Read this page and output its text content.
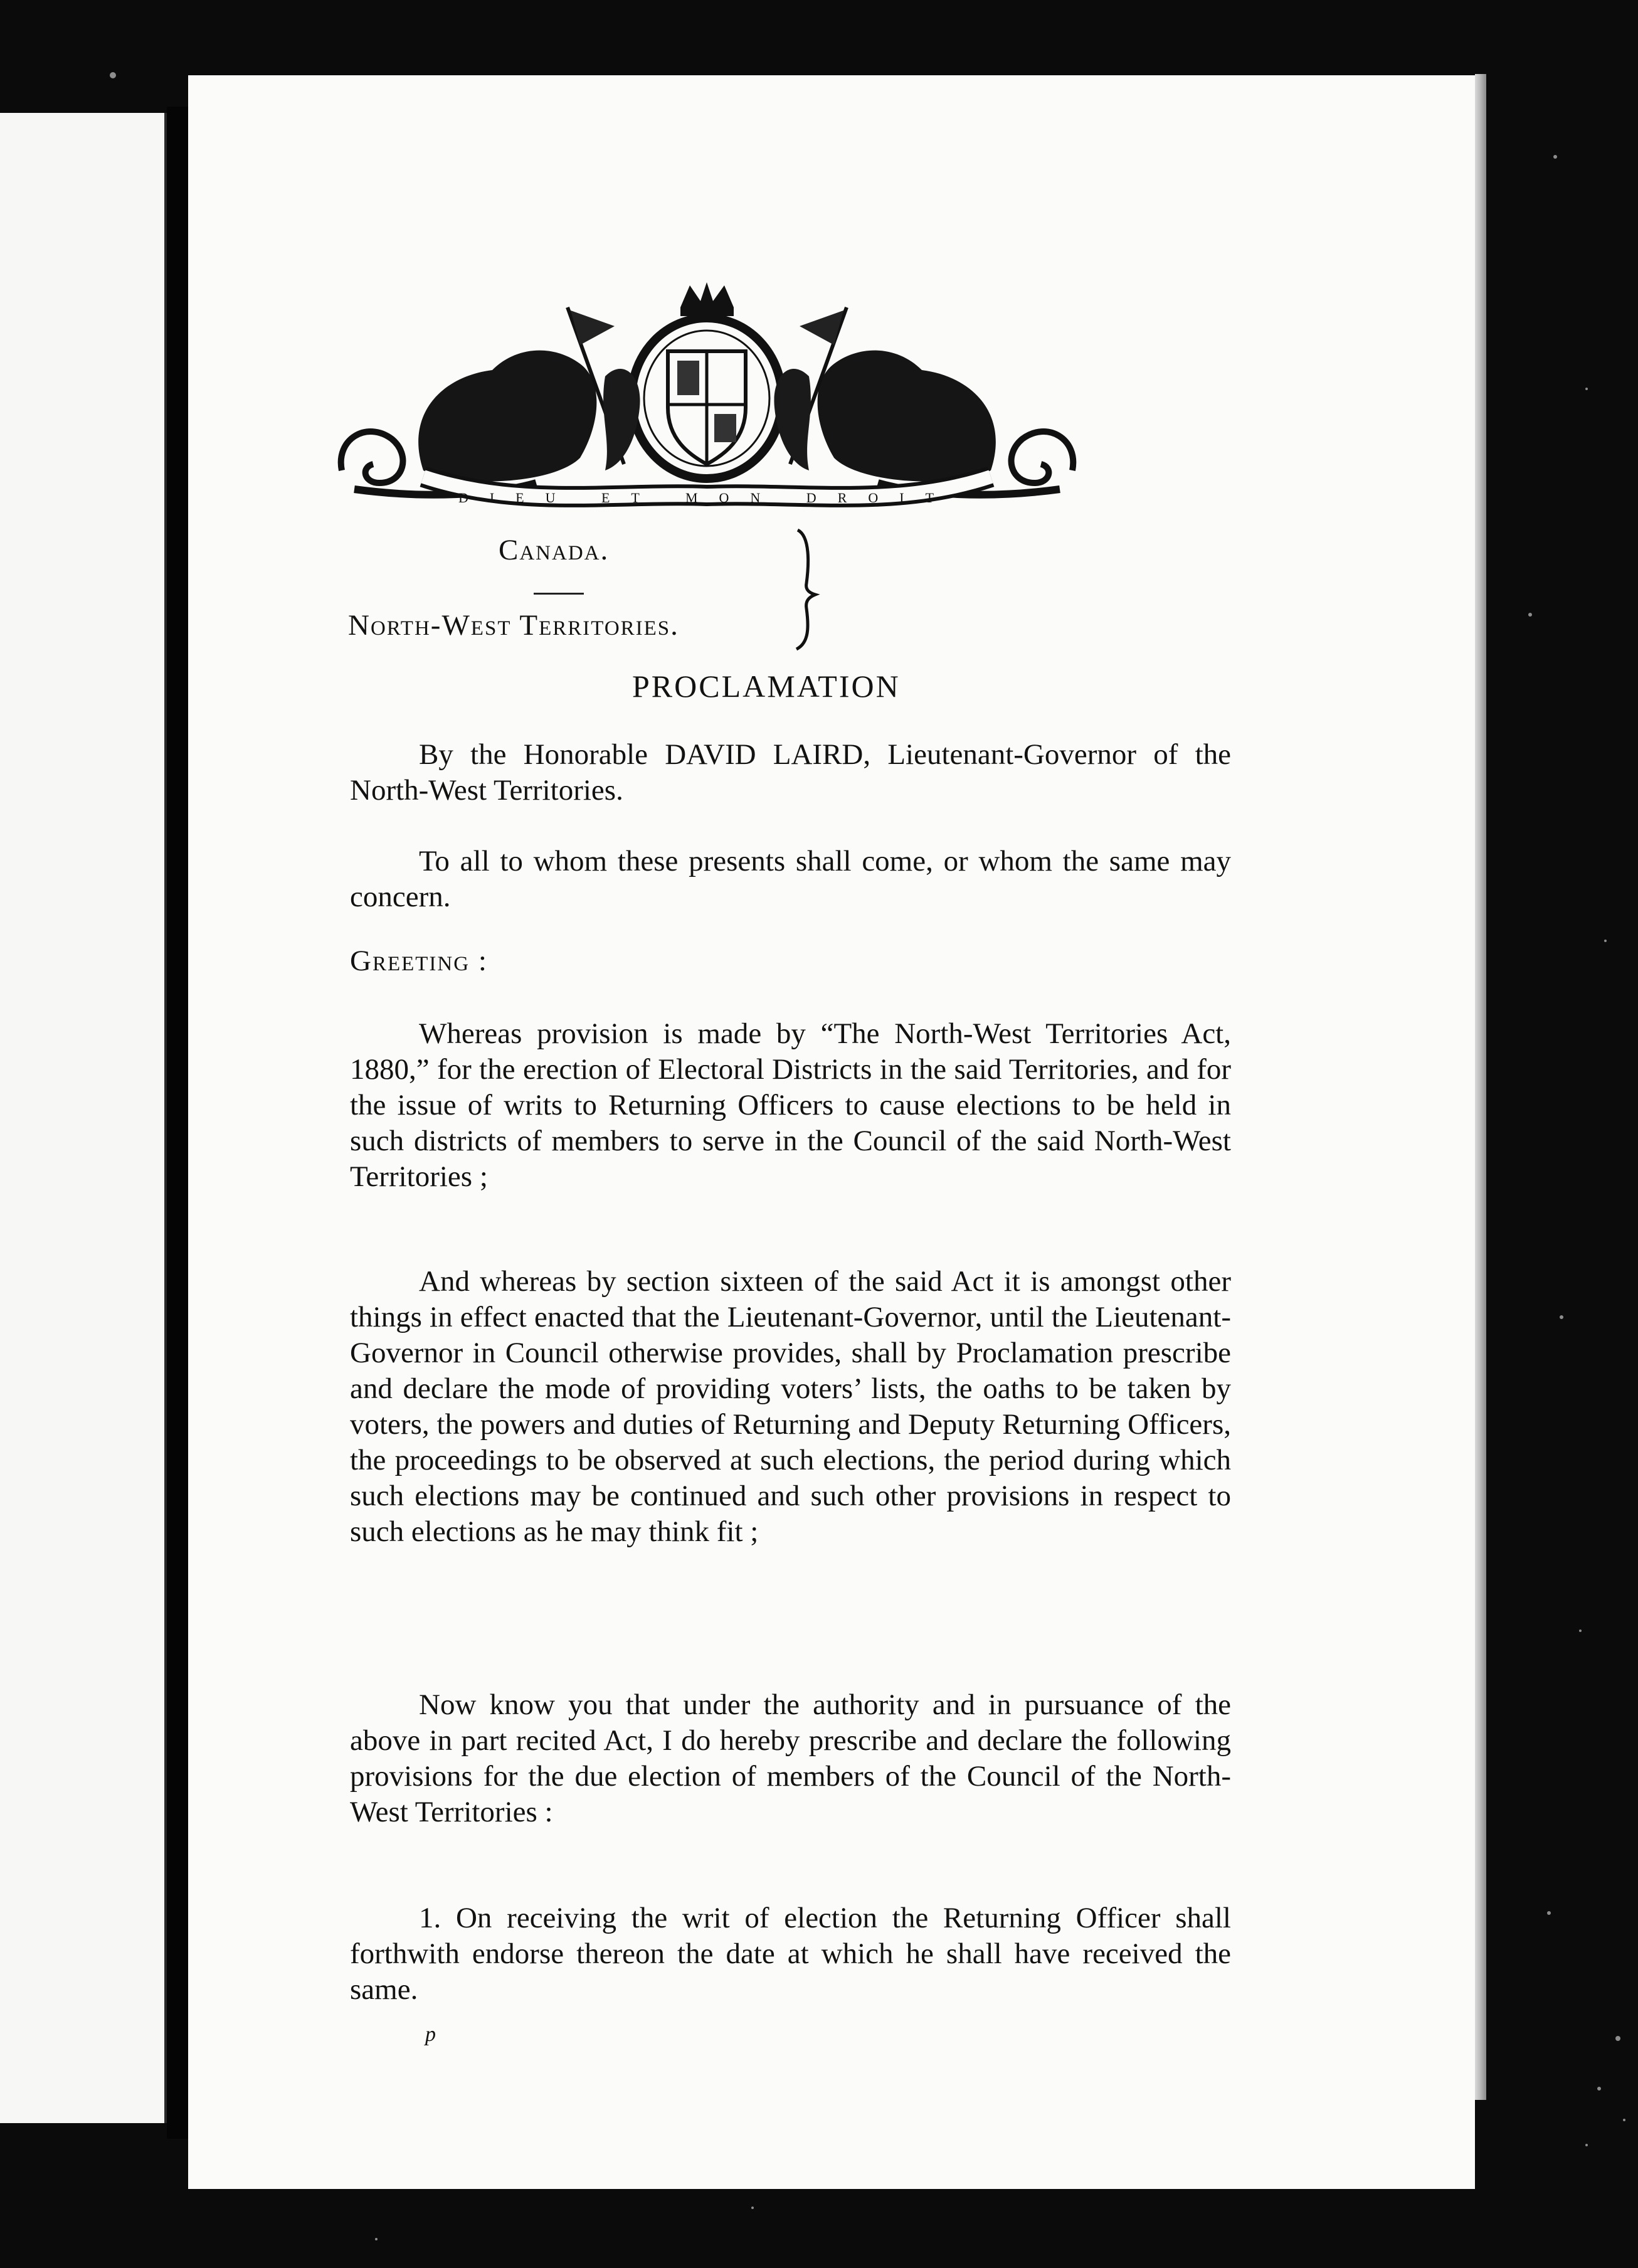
DIEU ET MON DROIT
Canada.
North-West Territories.
PROCLAMATION

By the Honorable DAVID LAIRD, Lieutenant-Governor of the North-West Territories.

To all to whom these presents shall come, or whom the same may concern.

Greeting :

Whereas provision is made by “The North-West Territories Act, 1880,” for the erection of Electoral Districts in the said Territories, and for the issue of writs to Returning Officers to cause elections to be held in such districts of members to serve in the Council of the said North-West Territories ;

And whereas by section sixteen of the said Act it is amongst other things in effect enacted that the Lieutenant-Governor, until the Lieutenant-Governor in Council otherwise provides, shall by Proclamation prescribe and declare the mode of providing voters’ lists, the oaths to be taken by voters, the powers and duties of Returning and Deputy Returning Officers, the proceedings to be observed at such elections, the period during which such elections may be continued and such other provisions in respect to such elections as he may think fit ;

Now know you that under the authority and in pursuance of the above in part recited Act, I do hereby prescribe and declare the following provisions for the due election of members of the Council of the North-West Territories :

1. On receiving the writ of election the Returning Officer shall forthwith endorse thereon the date at which he shall have received the same.

p
